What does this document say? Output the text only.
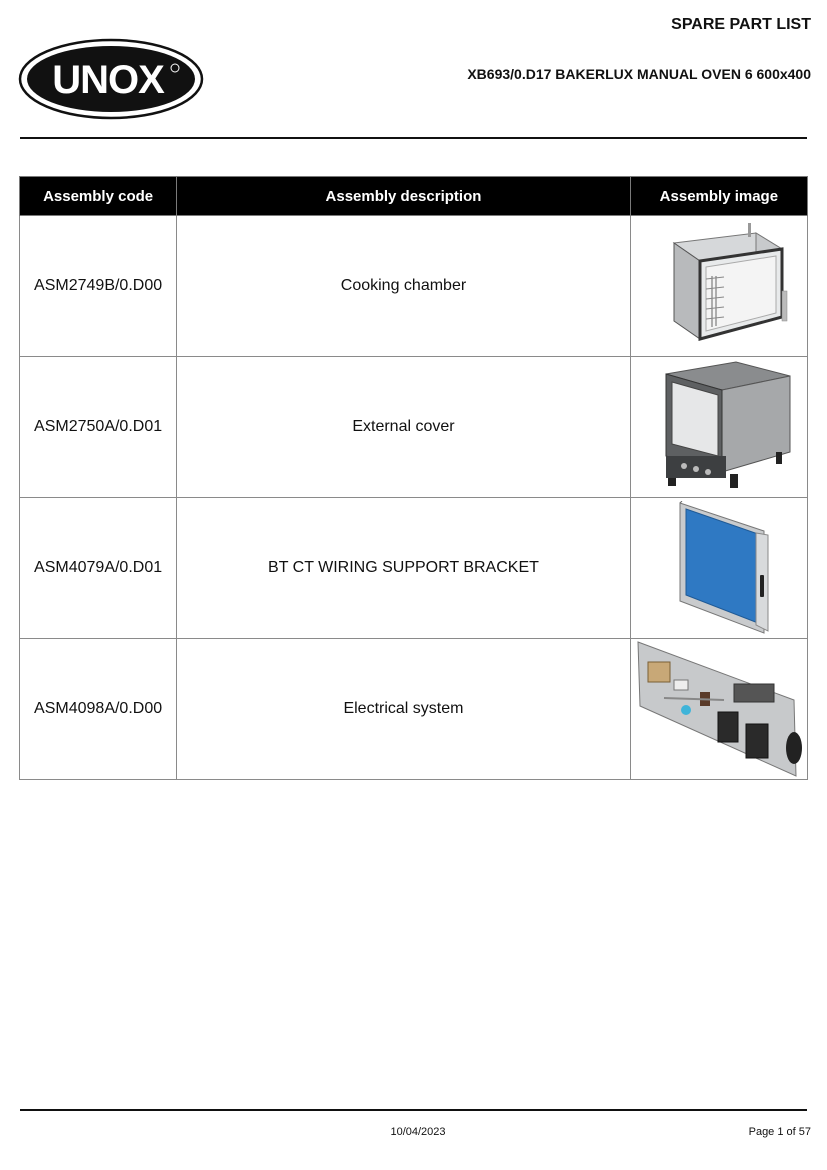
UNOX
SPARE PART LIST
XB693/0.D17 BAKERLUX MANUAL OVEN 6 600x400
Assembly code	Assembly description	Assembly image
ASM2749B/0.D00	Cooking chamber	

ASM2750A/0.D01	External cover	

ASM4079A/0.D01	BT CT WIRING SUPPORT BRACKET	

ASM4098A/0.D00	Electrical system	
10/04/2023	Page 1 of 57
